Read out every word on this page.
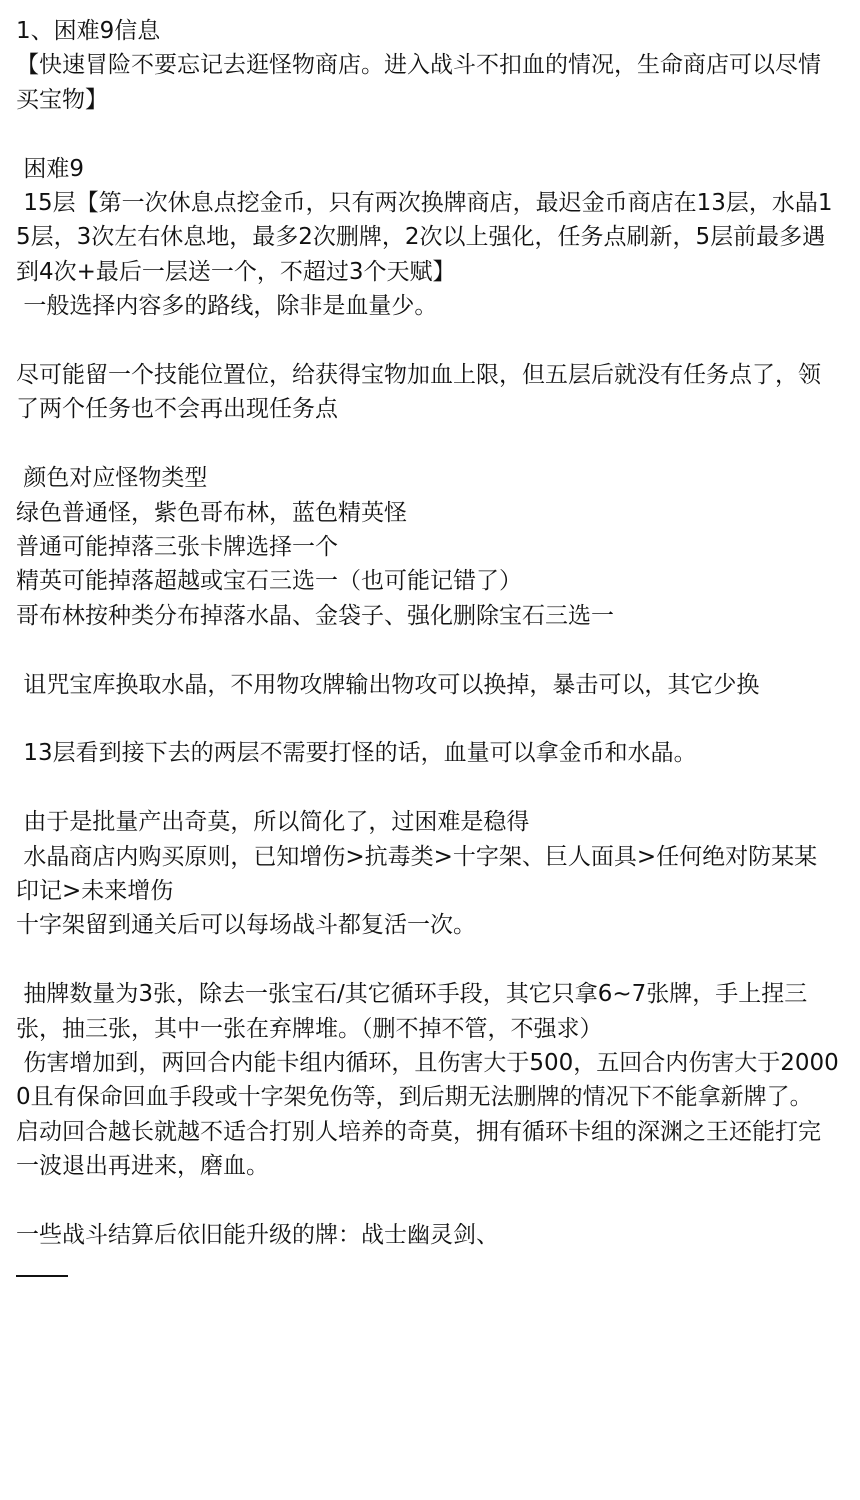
1、困难9信息
【快速冒险不要忘记去逛怪物商店。进入战斗不扣血的情况，生命商店可以尽情买宝物】
困难9
15层【第一次休息点挖金币，只有两次换牌商店，最迟金币商店在13层，水晶15层，3次左右休息地，最多2次删牌，2次以上强化，任务点刷新，5层前最多遇到4次+最后一层送一个，不超过3个天赋】
一般选择内容多的路线，除非是血量少。
尽可能留一个技能位置位，给获得宝物加血上限，但五层后就没有任务点了，领了两个任务也不会再出现任务点
颜色对应怪物类型
绿色普通怪，紫色哥布林，蓝色精英怪
普通可能掉落三张卡牌选择一个
精英可能掉落超越或宝石三选一（也可能记错了）
哥布林按种类分布掉落水晶、金袋子、强化删除宝石三选一
诅咒宝库换取水晶，不用物攻牌输出物攻可以换掉，暴击可以，其它少换
13层看到接下去的两层不需要打怪的话，血量可以拿金币和水晶。
由于是批量产出奇莫，所以简化了，过困难是稳得
水晶商店内购买原则，已知增伤>抗毒类>十字架、巨人面具>任何绝对防某某印记>未来增伤
十字架留到通关后可以每场战斗都复活一次。
抽牌数量为3张，除去一张宝石/其它循环手段，其它只拿6~7张牌，手上捏三张，抽三张，其中一张在弃牌堆。（删不掉不管，不强求）
伤害增加到，两回合内能卡组内循环，且伤害大于500，五回合内伤害大于20000且有保命回血手段或十字架免伤等，到后期无法删牌的情况下不能拿新牌了。
启动回合越长就越不适合打别人培养的奇莫，拥有循环卡组的深渊之王还能打完一波退出再进来，磨血。
一些战斗结算后依旧能升级的牌：战士幽灵剑、
